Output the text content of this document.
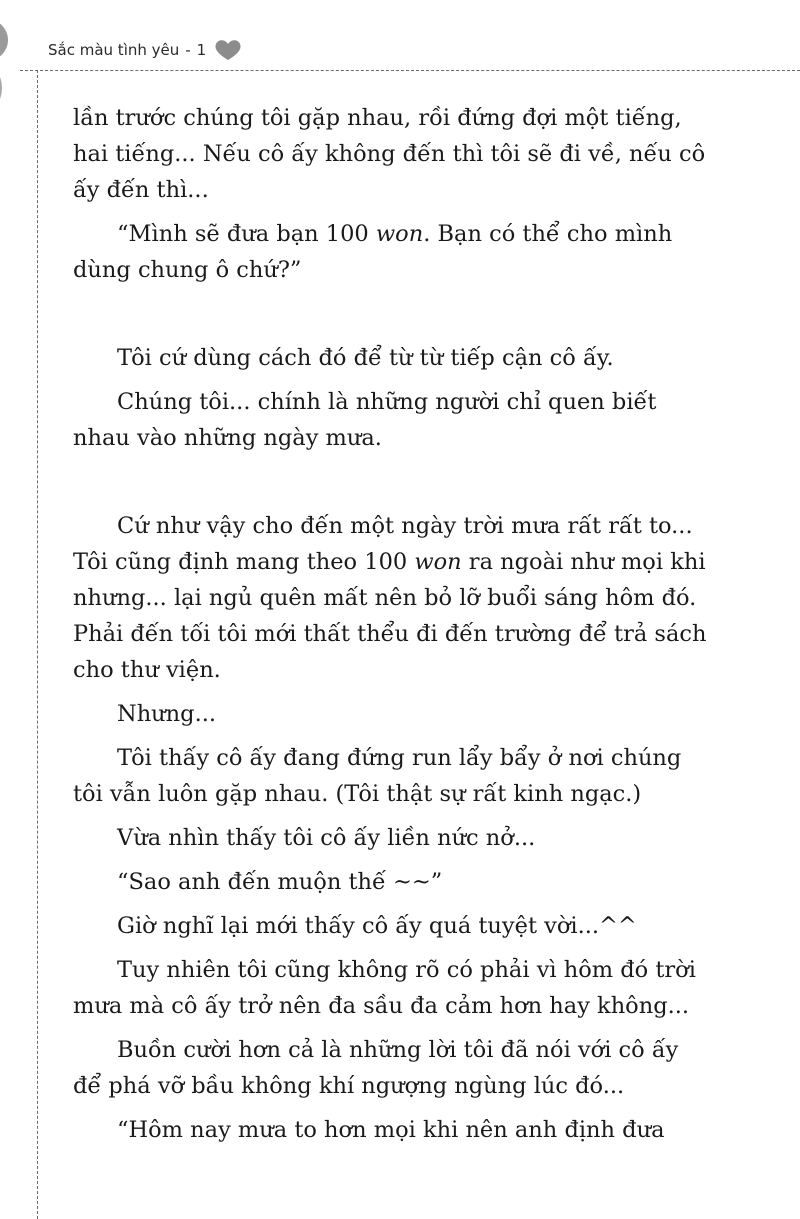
Sắc màu tình yêu - 1

lần trước chúng tôi gặp nhau, rồi đứng đợi một tiếng, hai tiếng... Nếu cô ấy không đến thì tôi sẽ đi về, nếu cô ấy đến thì...

“Mình sẽ đưa bạn 100 won. Bạn có thể cho mình dùng chung ô chứ?”

Tôi cứ dùng cách đó để từ từ tiếp cận cô ấy.

Chúng tôi... chính là những người chỉ quen biết nhau vào những ngày mưa.

Cứ như vậy cho đến một ngày trời mưa rất rất to... Tôi cũng định mang theo 100 won ra ngoài như mọi khi nhưng... lại ngủ quên mất nên bỏ lỡ buổi sáng hôm đó. Phải đến tối tôi mới thất thểu đi đến trường để trả sách cho thư viện.

Nhưng...

Tôi thấy cô ấy đang đứng run lẩy bẩy ở nơi chúng tôi vẫn luôn gặp nhau. (Tôi thật sự rất kinh ngạc.)

Vừa nhìn thấy tôi cô ấy liền nức nở...

“Sao anh đến muộn thế ~~”

Giờ nghĩ lại mới thấy cô ấy quá tuyệt vời...^^

Tuy nhiên tôi cũng không rõ có phải vì hôm đó trời mưa mà cô ấy trở nên đa sầu đa cảm hơn hay không...

Buồn cười hơn cả là những lời tôi đã nói với cô ấy để phá vỡ bầu không khí ngượng ngùng lúc đó...

“Hôm nay mưa to hơn mọi khi nên anh định đưa
